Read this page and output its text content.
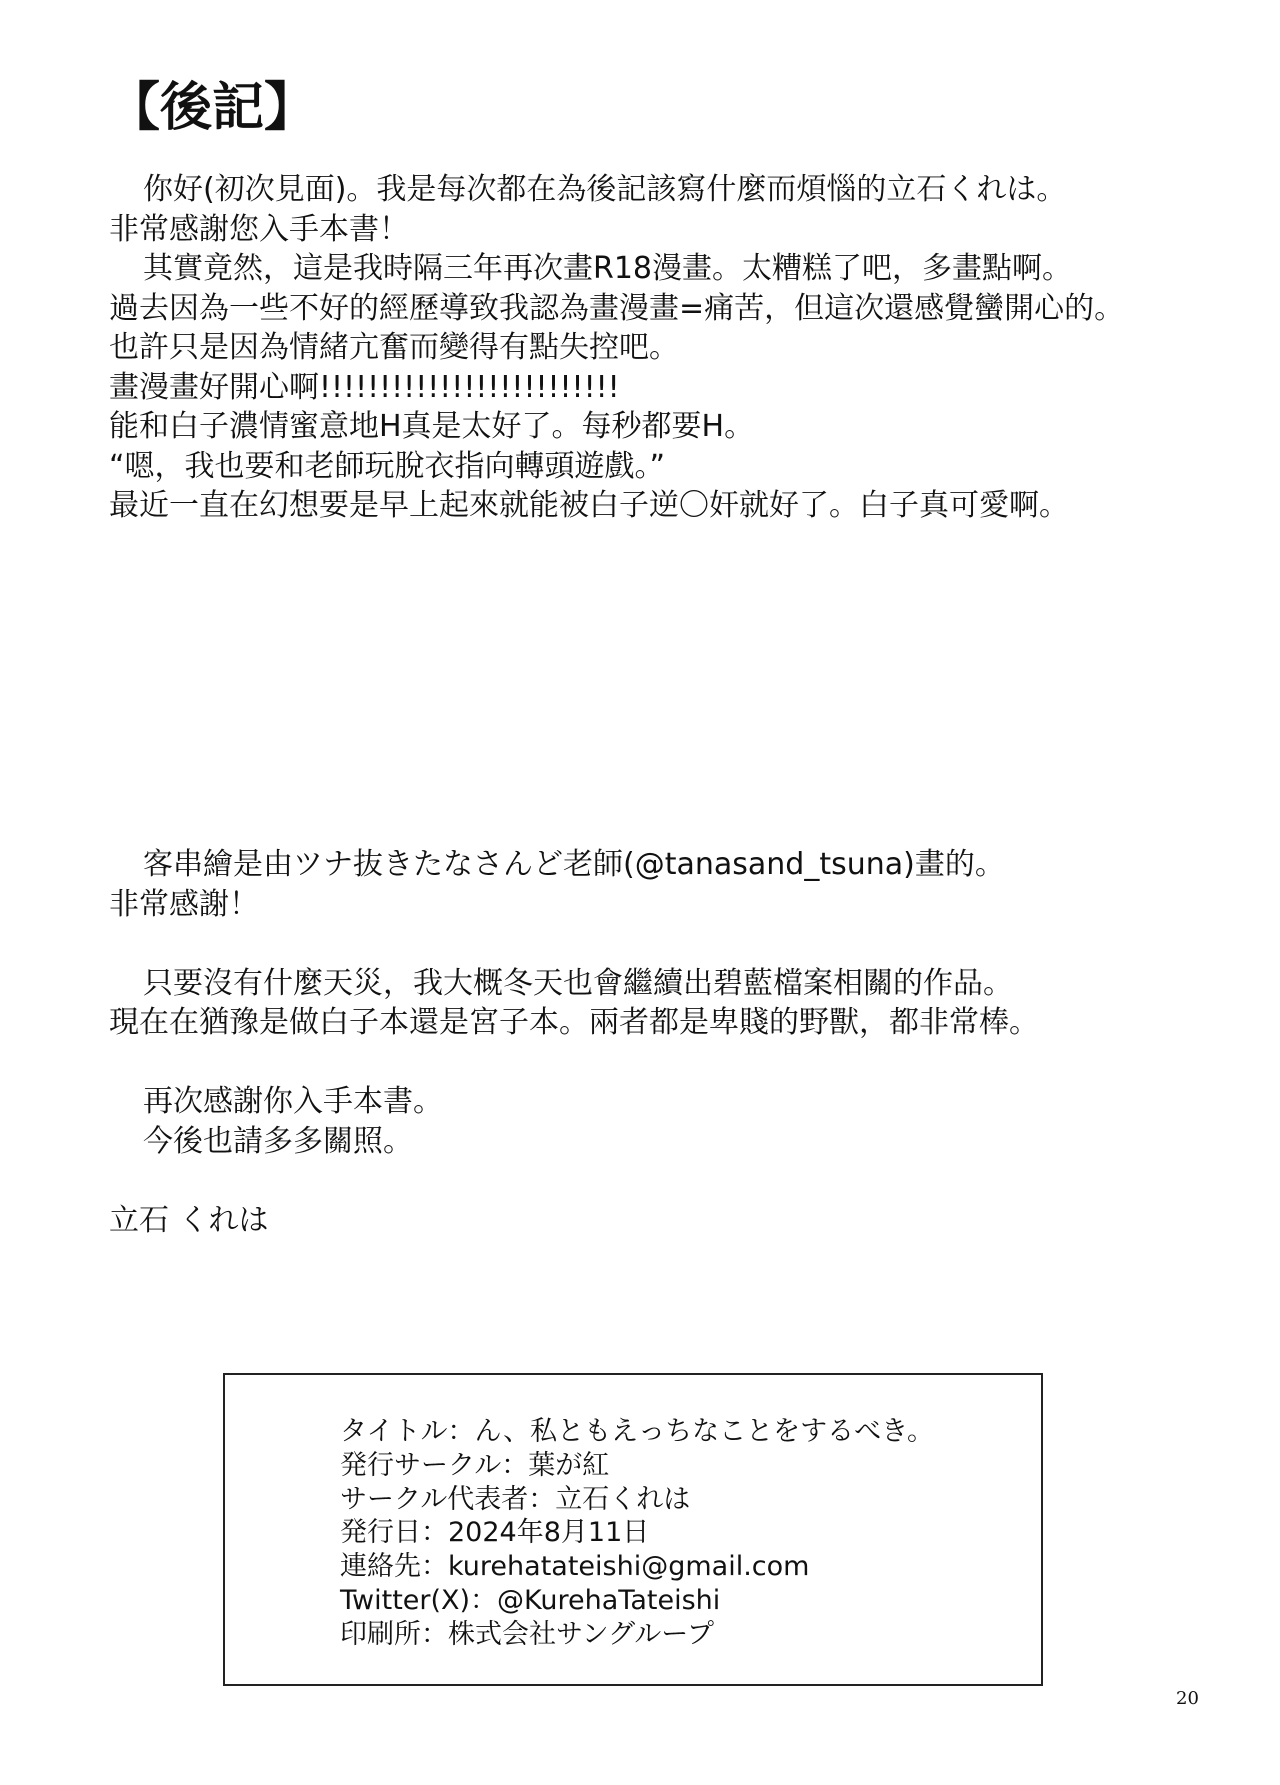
【後記】
你好(初次見面)。我是每次都在為後記該寫什麼而煩惱的立石くれは。
非常感謝您入手本書！
其實竟然，這是我時隔三年再次畫R18漫畫。太糟糕了吧，多畫點啊。
過去因為一些不好的經歷導致我認為畫漫畫=痛苦，但這次還感覺蠻開心的。
也許只是因為情緒亢奮而變得有點失控吧。
畫漫畫好開心啊!!!!!!!!!!!!!!!!!!!!!!!!!
能和白子濃情蜜意地H真是太好了。每秒都要H。
“嗯，我也要和老師玩脫衣指向轉頭遊戲。”
最近一直在幻想要是早上起來就能被白子逆〇奸就好了。白子真可愛啊。
客串繪是由ツナ抜きたなさんど老師(@tanasand_tsuna)畫的。
非常感謝！
只要沒有什麼天災，我大概冬天也會繼續出碧藍檔案相關的作品。
現在在猶豫是做白子本還是宮子本。兩者都是卑賤的野獸，都非常棒。
再次感謝你入手本書。
今後也請多多關照。
立石 くれは
タイトル：ん、私ともえっちなことをするべき。
発行サークル：葉が紅
サークル代表者：立石くれは
発行日：2024年8月11日
連絡先：kurehatateishi@gmail.com
Twitter(X)：@KurehaTateishi
印刷所：株式会社サングループ
20
